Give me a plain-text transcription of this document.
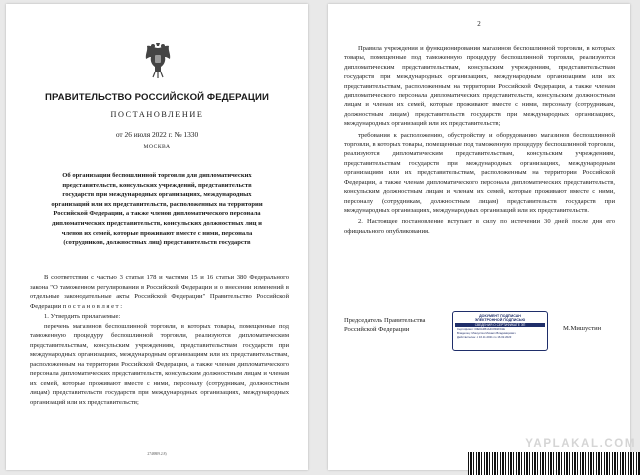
ПРАВИТЕЛЬСТВО РОССИЙСКОЙ ФЕДЕРАЦИИ
ПОСТАНОВЛЕНИЕ
от 26 июля 2022 г. № 1330
МОСКВА

Об организации беспошлинной торговли для дипломатических представительств, консульских учреждений, представительств государств при международных организациях, международных организаций или их представительств, расположенных на территории Российской Федерации, а также членов дипломатического персонала дипломатических представительств, консульских должностных лиц и членов их семей, которые проживают вместе с ними, персонала (сотрудников, должностных лиц) представительств государств

В соответствии с частью 3 статьи 178 и частями 15 и 16 статьи 380 Федерального закона "О таможенном регулировании в Российской Федерации и о внесении изменений в отдельные законодательные акты Российской Федерации" Правительство Российской Федерации п о с т а н о в л я е т :

1. Утвердить прилагаемые:

перечень магазинов беспошлинной торговли, в которых товары, помещенные под таможенную процедуру беспошлинной торговли, реализуются дипломатическим представительствам, консульским учреждениям, представительствам государств при международных организациях, международным организациям или их представительствам, расположенным на территории Российской Федерации, а также членам дипломатического персонала дипломатических представительств, консульским должностным лицам и членам их семей, которые проживают вместе с ними, персоналу (сотрудникам, должностным лицам) представительств государств при международных организациях, международных организаций или их представительств;

2748809.2.8)
2

Правила учреждения и функционирования магазинов беспошлинной торговли, в которых товары, помещенные под таможенную процедуру беспошлинной торговли, реализуются дипломатическим представительствам, консульским учреждениям, представительствам государств при международных организациях, международным организациям или их представительствам, расположенным на территории Российской Федерации, а также членам дипломатического персонала дипломатических представительств, консульским должностным лицам и членам их семей, которые проживают вместе с ними, персоналу (сотрудникам, должностным лицам) представительств государств при международных организациях, международных организаций или их представительств;

требования к расположению, обустройству и оборудованию магазинов беспошлинной торговли, в которых товары, помещенные под таможенную процедуру беспошлинной торговли, реализуются дипломатическим представительствам, консульским учреждениям, представительствам государств при международных организациях, международным организациям или их представительствам, расположенным на территории Российской Федерации, а также членам дипломатического персонала дипломатических представительств, консульским должностным лицам и членам их семей, которые проживают вместе с ними, персоналу (сотрудникам, должностным лицам) представительств государств при международных организациях, международных организаций или их представительств.

2. Настоящее постановление вступает в силу по истечении 30 дней после дня его официального опубликования.

Председатель Правительства
Российской Федерации
ДОКУМЕНТ ПОДПИСАН
ЭЛЕКТРОННОЙ ПОДПИСЬЮ
СВЕДЕНИЯ О СЕРТИФИКАТЕ ЭП
Сертификат: 00E6A3B1A4C8D2F91E
Владелец: Мишустин Михаил Владимирович
Действителен: с 16.11.2021 по 16.02.2023
М.Мишустин
YAPLAKAL.COM
